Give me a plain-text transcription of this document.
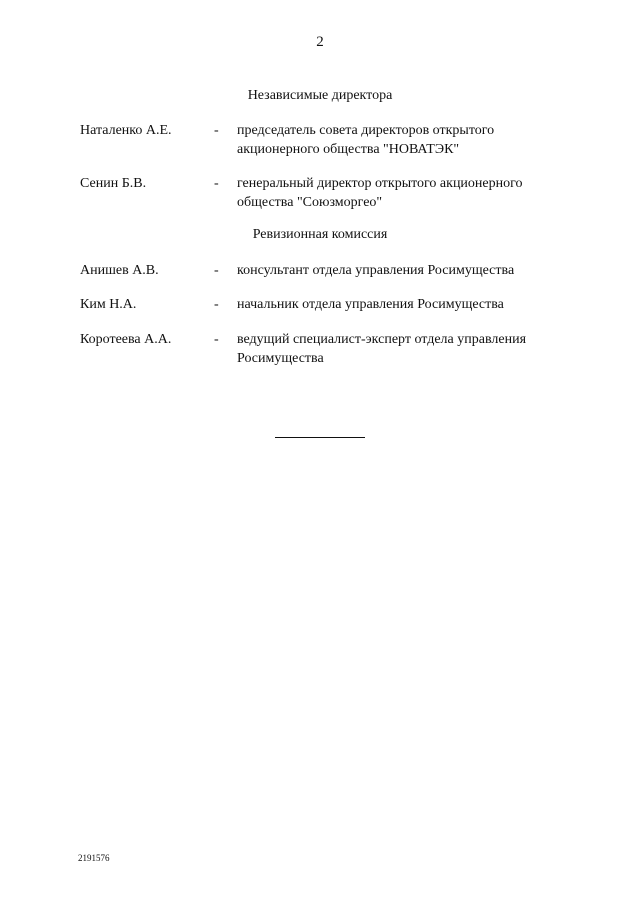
2
Независимые директора
Наталенко А.Е.	-	председатель совета директоров открытого
акционерного общества "НОВАТЭК"
Сенин Б.В.	-	генеральный директор открытого акционерного
общества "Союзморгео"
Ревизионная комиссия
Анишев А.В.	-	консультант отдела управления Росимущества
Ким Н.А.	-	начальник отдела управления Росимущества
Коротеева А.А.	-	ведущий специалист-эксперт отдела управления
Росимущества
2191576
